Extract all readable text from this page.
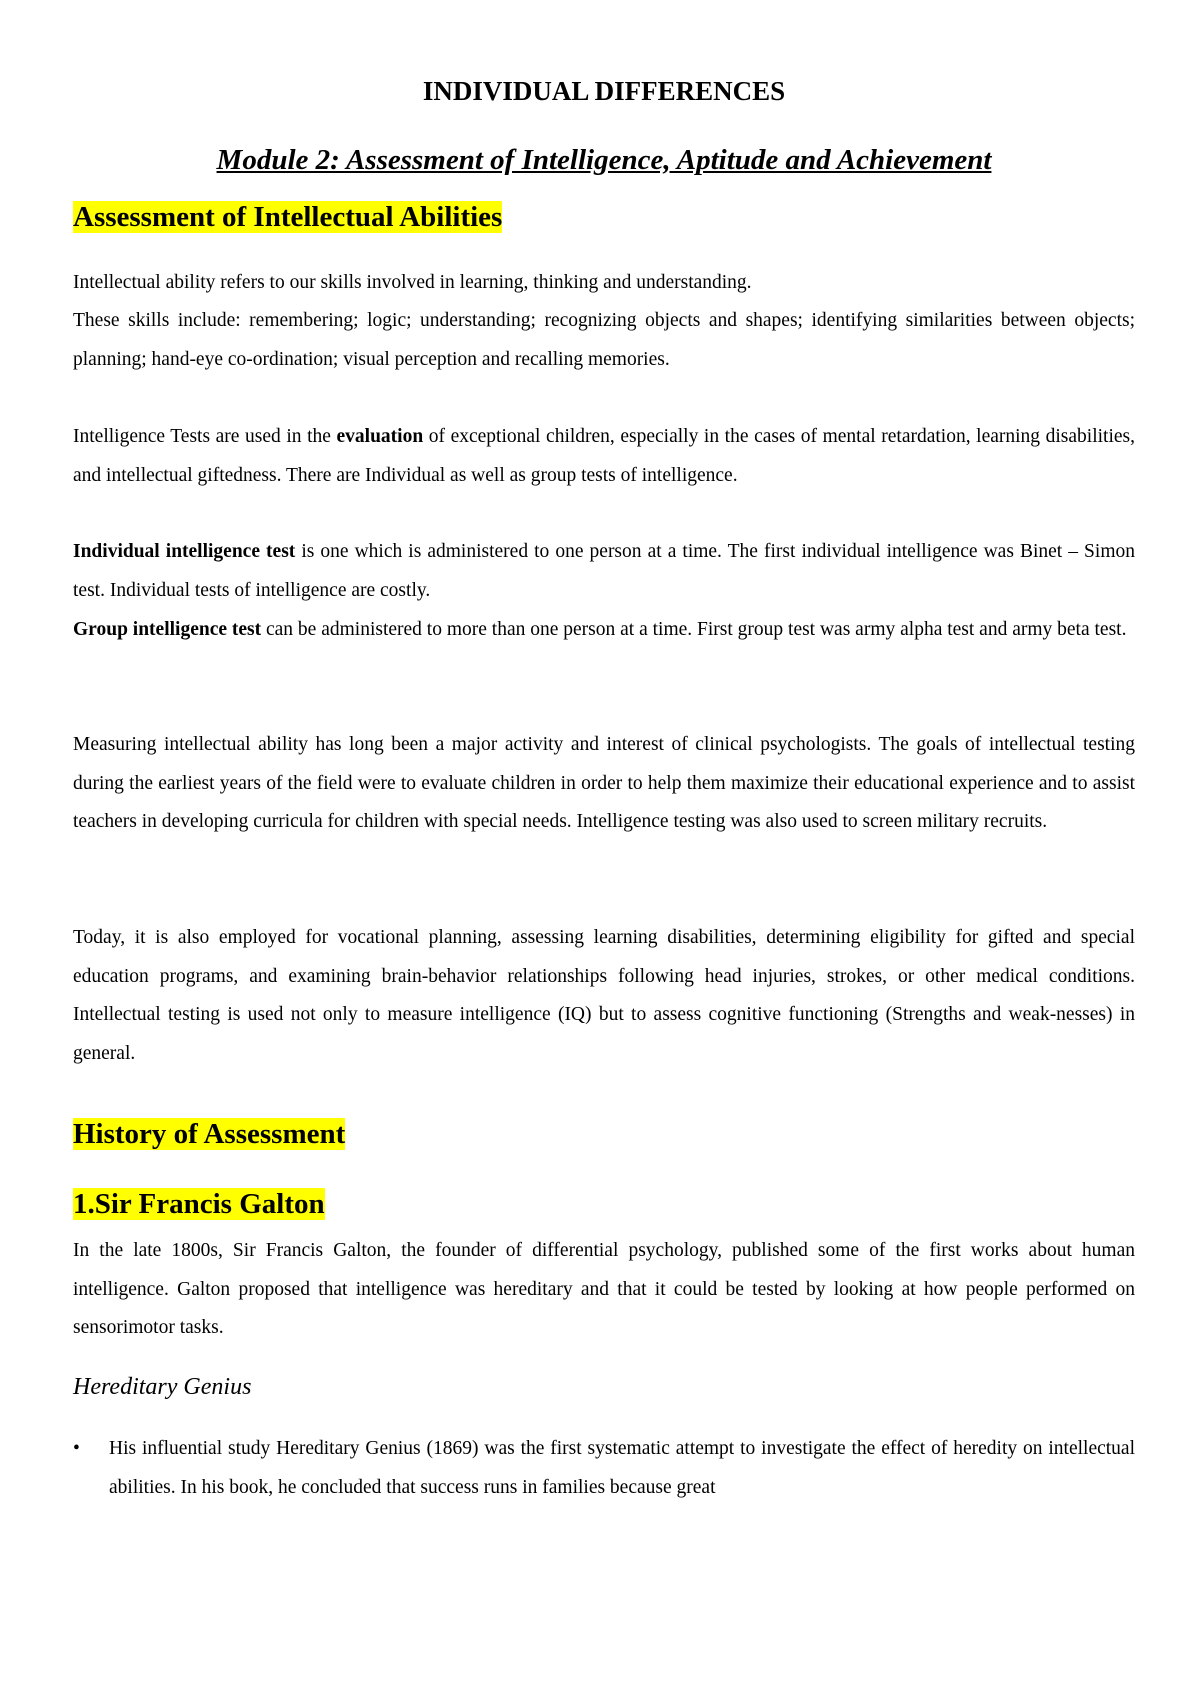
INDIVIDUAL DIFFERENCES
Module 2: Assessment of Intelligence, Aptitude and Achievement
Assessment of Intellectual Abilities
Intellectual ability refers to our skills involved in learning, thinking and understanding.
These skills include: remembering; logic; understanding; recognizing objects and shapes; identifying similarities between objects; planning; hand-eye co-ordination; visual perception and recalling memories.
Intelligence Tests are used in the evaluation of exceptional children, especially in the cases of mental retardation, learning disabilities, and intellectual giftedness. There are Individual as well as group tests of intelligence.
Individual intelligence test is one which is administered to one person at a time. The first individual intelligence was Binet – Simon test. Individual tests of intelligence are costly.
Group intelligence test can be administered to more than one person at a time. First group test was army alpha test and army beta test.
Measuring intellectual ability has long been a major activity and interest of clinical psychologists. The goals of intellectual testing during the earliest years of the field were to evaluate children in order to help them maximize their educational experience and to assist teachers in developing curricula for children with special needs. Intelligence testing was also used to screen military recruits.
Today, it is also employed for vocational planning, assessing learning disabilities, determining eligibility for gifted and special education programs, and examining brain-behavior relationships following head injuries, strokes, or other medical conditions. Intellectual testing is used not only to measure intelligence (IQ) but to assess cognitive functioning (Strengths and weak-nesses) in general.
History of Assessment
1.Sir Francis Galton
In the late 1800s, Sir Francis Galton, the founder of differential psychology, published some of the first works about human intelligence. Galton proposed that intelligence was hereditary and that it could be tested by looking at how people performed on sensorimotor tasks.
Hereditary Genius
•	His influential study Hereditary Genius (1869) was the first systematic attempt to investigate the effect of heredity on intellectual abilities. In his book, he concluded that success runs in families because great
